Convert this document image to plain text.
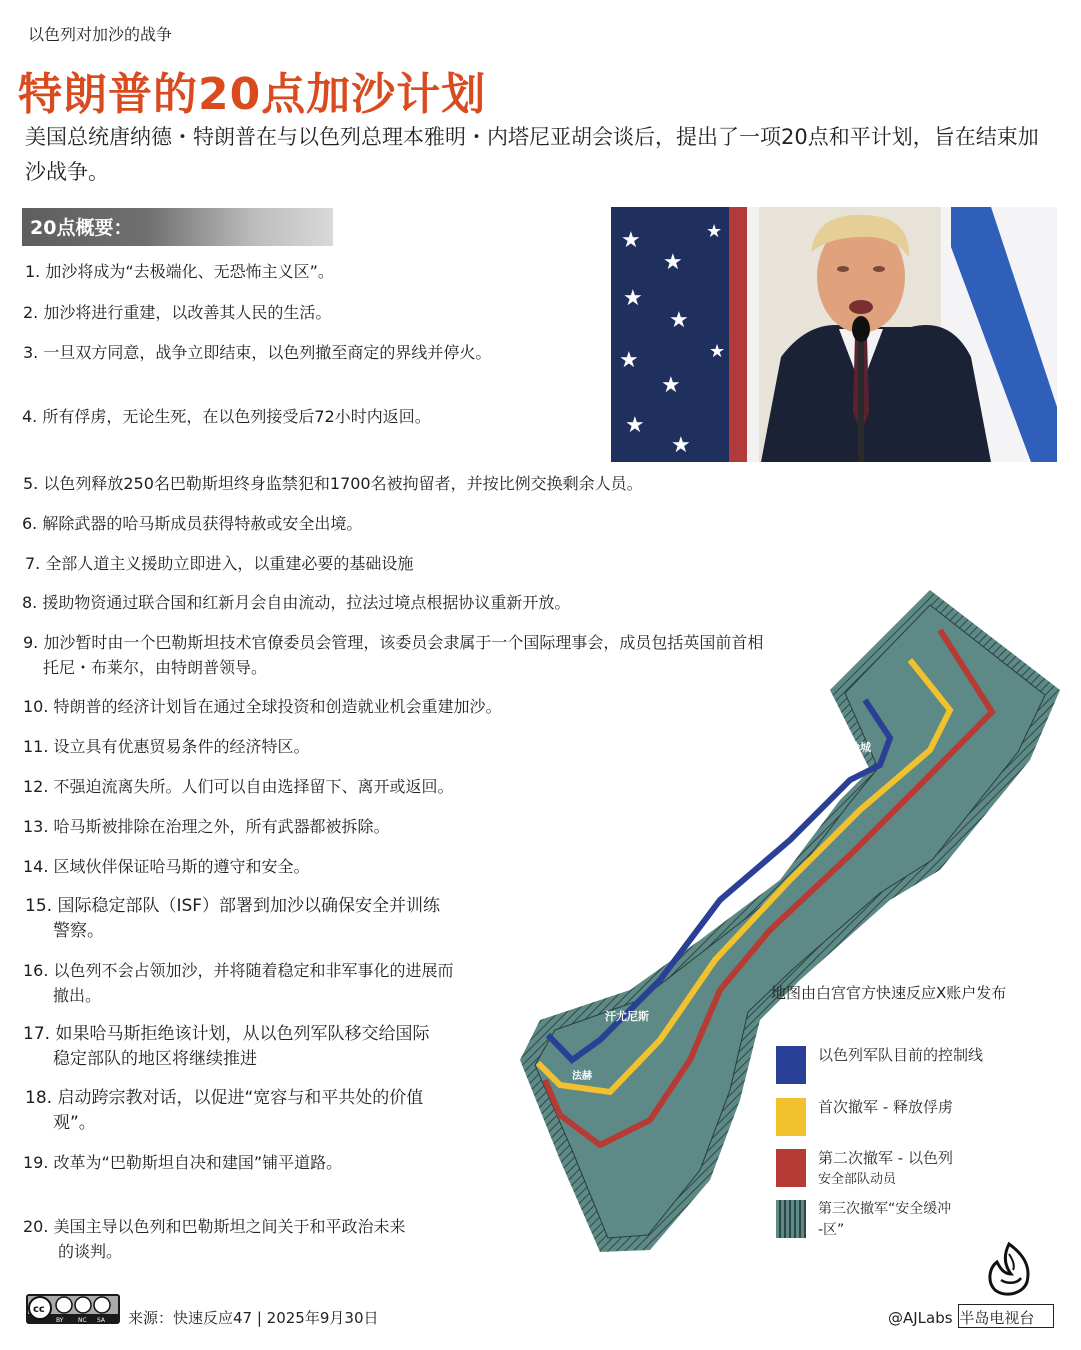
以色列对加沙的战争
特朗普的20点加沙计划
美国总统唐纳德・特朗普在与以色列总理本雅明・内塔尼亚胡会谈后，提出了一项20点和平计划，旨在结束加沙战争。
20点概要：
1. 加沙将成为“去极端化、无恐怖主义区”。
2. 加沙将进行重建，以改善其人民的生活。
3. 一旦双方同意，战争立即结束，以色列撤至商定的界线并停火。
4. 所有俘虏，无论生死，在以色列接受后72小时内返回。
5. 以色列释放250名巴勒斯坦终身监禁犯和1700名被拘留者，并按比例交换剩余人员。
6. 解除武器的哈马斯成员获得特赦或安全出境。
7. 全部人道主义援助立即进入，以重建必要的基础设施
8. 援助物资通过联合国和红新月会自由流动，拉法过境点根据协议重新开放。
9. 加沙暂时由一个巴勒斯坦技术官僚委员会管理，该委员会隶属于一个国际理事会，成员包括英国前首相
托尼・布莱尔，由特朗普领导。
10. 特朗普的经济计划旨在通过全球投资和创造就业机会重建加沙。
11. 设立具有优惠贸易条件的经济特区。
12. 不强迫流离失所。人们可以自由选择留下、离开或返回。
13. 哈马斯被排除在治理之外，所有武器都被拆除。
14. 区域伙伴保证哈马斯的遵守和安全。
15. 国际稳定部队（ISF）部署到加沙以确保安全并训练
警察。
16. 以色列不会占领加沙，并将随着稳定和非军事化的进展而
撤出。
17. 如果哈马斯拒绝该计划，从以色列军队移交给国际
稳定部队的地区将继续推进
18. 启动跨宗教对话，以促进“宽容与和平共处的价值
观”。
19. 改革为“巴勒斯坦自决和建国”铺平道路。
20. 美国主导以色列和巴勒斯坦之间关于和平政治未来
的谈判。
★
★
★
★
★
★
★
★
★
★
加沙城
汗尤尼斯
法赫
地图由白宫官方快速反应X账户发布
以色列军队目前的控制线
首次撤军 - 释放俘虏
第二次撤军 - 以色列
安全部队动员
第三次撤军“安全缓冲
-区”
cc
BY NC SA 来源：快速反应47 | 2025年9月30日	@AJLabs 半岛电视台
